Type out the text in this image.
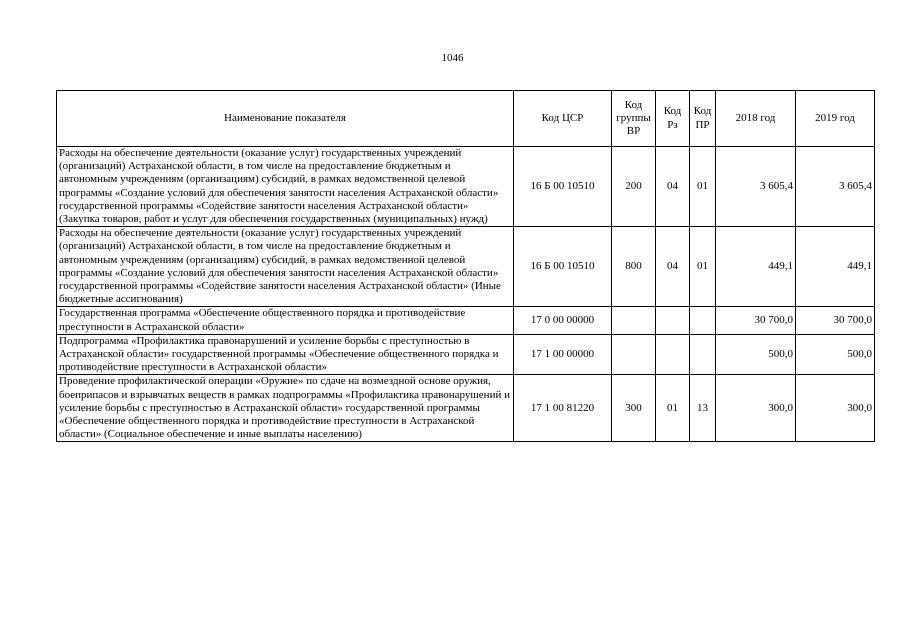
1046
Наименование показателя	Код ЦСР	Код группы ВР	Код Рз	Код ПР	2018 год	2019 год
Расходы на обеспечение деятельности (оказание услуг) государственных учреждений (организаций) Астраханской области, в том числе на предоставление бюджетным и автономным учреждениям (организациям) субсидий, в рамках ведомственной целевой программы «Создание условий для обеспечения занятости населения Астраханской области» государственной программы «Содействие занятости населения Астраханской области» (Закупка товаров, работ и услуг для обеспечения государственных (муниципальных) нужд)	16 Б 00 10510	200	04	01	3 605,4	3 605,4
Расходы на обеспечение деятельности (оказание услуг) государственных учреждений (организаций) Астраханской области, в том числе на предоставление бюджетным и автономным учреждениям (организациям) субсидий, в рамках ведомственной целевой программы «Создание условий для обеспечения занятости населения Астраханской области» государственной программы «Содействие занятости населения Астраханской области» (Иные бюджетные ассигнования)	16 Б 00 10510	800	04	01	449,1	449,1
Государственная программа «Обеспечение общественного порядка и противодействие преступности в Астраханской области»	17 0 00 00000				30 700,0	30 700,0
Подпрограмма «Профилактика правонарушений и усиление борьбы с преступностью в Астраханской области» государственной программы «Обеспечение общественного порядка и противодействие преступности в Астраханской области»	17 1 00 00000				500,0	500,0
Проведение профилактической операции «Оружие» по сдаче на возмездной основе оружия, боеприпасов и взрывчатых веществ в рамках подпрограммы «Профилактика правонарушений и усиление борьбы с преступностью в Астраханской области» государственной программы «Обеспечение общественного порядка и противодействие преступности в Астраханской области» (Социальное обеспечение и иные выплаты населению)	17 1 00 81220	300	01	13	300,0	300,0
